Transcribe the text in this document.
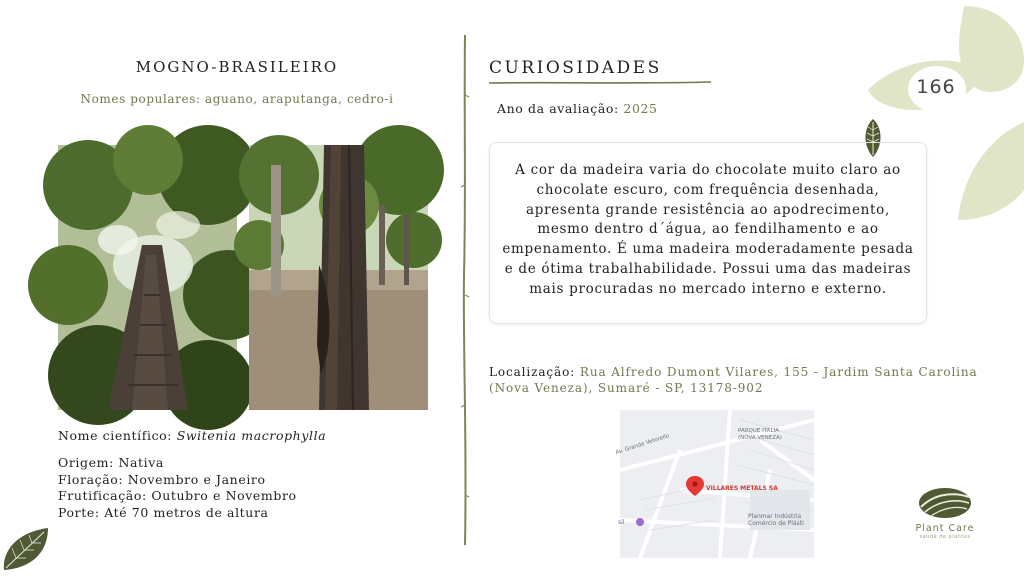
166
MOGNO-BRASILEIRO
Nomes populares: aguano, araputanga, cedro-i
Nome científico: Switenia macrophylla
Origem: Nativa
Floração: Novembro e Janeiro
Frutificação: Outubro e Novembro
Porte: Até 70 metros de altura
CURIOSIDADES
Ano da avaliação: 2025
A cor da madeira varia do chocolate muito claro ao chocolate escuro, com frequência desenhada, apresenta grande resistência ao apodrecimento, mesmo dentro d´água, ao fendilhamento e ao empenamento. É uma madeira moderadamente pesada e de ótima trabalhabilidade. Possui uma das madeiras mais procuradas no mercado interno e externo.
Localização: Rua Alfredo Dumont Vilares, 155 - Jardim Santa Carolina (Nova Veneza), Sumaré - SP, 13178-902
Av. Grande Vetorello
PARQUE ITALIA
(NOVA VENEZA)
VILLARES METALS SA
Planmar Indústria
Comércio de Plásti
sil
Plant Care
saúde de plantas
